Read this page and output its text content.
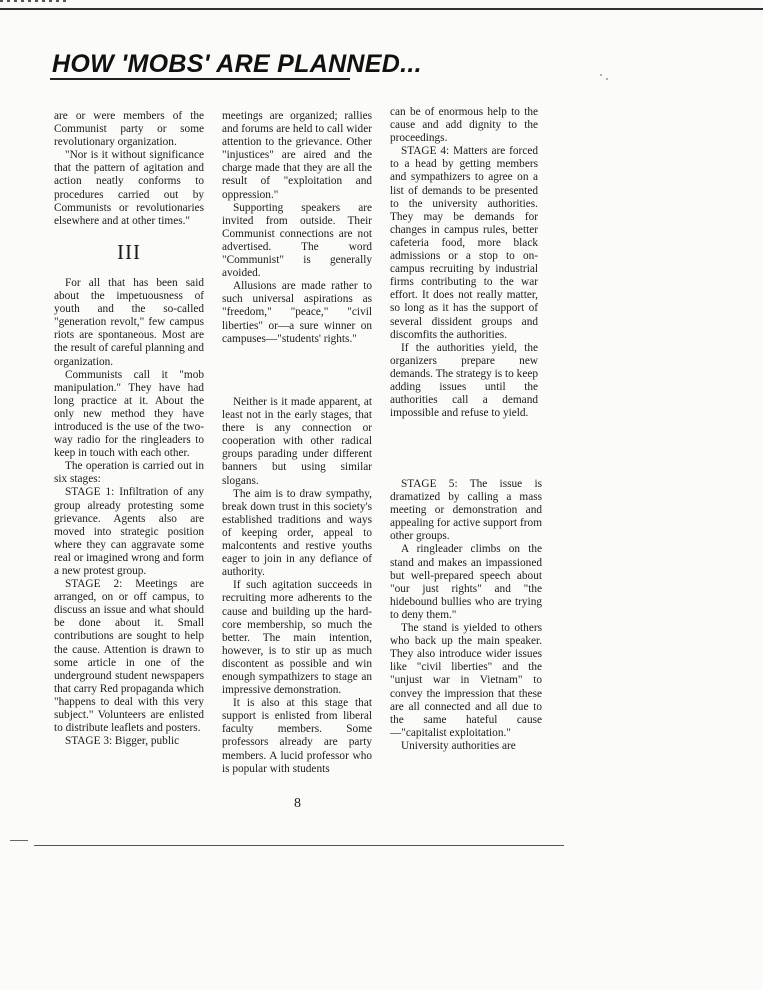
HOW 'MOBS' ARE PLANNED...

are or were members of the Communist party or some revolutionary organization.

"Nor is it without significance that the pattern of agitation and action neatly conforms to procedures carried out by Communists or revolutionaries elsewhere and at other times."

III

For all that has been said about the impetuousness of youth and the so-called "generation revolt," few campus riots are spontaneous. Most are the result of careful planning and organization.

Communists call it "mob manipulation." They have had long practice at it. About the only new method they have introduced is the use of the two-way radio for the ringleaders to keep in touch with each other.

The operation is carried out in six stages:

STAGE 1: Infiltration of any group already protesting some grievance. Agents also are moved into strategic position where they can aggravate some real or imagined wrong and form a new protest group.

STAGE 2: Meetings are arranged, on or off campus, to discuss an issue and what should be done about it. Small contributions are sought to help the cause. Attention is drawn to some article in one of the underground student newspapers that carry Red propaganda which "happens to deal with this very subject." Volunteers are enlisted to distribute leaflets and posters.

STAGE 3: Bigger, public

meetings are organized; rallies and forums are held to call wider attention to the grievance. Other "injustices" are aired and the charge made that they are all the result of "exploitation and oppression."

Supporting speakers are invited from outside. Their Communist connections are not advertised. The word "Communist" is generally avoided.

Allusions are made rather to such universal aspirations as "freedom," "peace," "civil liberties" or—a sure winner on campuses—"students' rights."

Neither is it made apparent, at least not in the early stages, that there is any connection or cooperation with other radical groups parading under different banners but using similar slogans.

The aim is to draw sympathy, break down trust in this society's established traditions and ways of keeping order, appeal to malcontents and restive youths eager to join in any defiance of authority.

If such agitation succeeds in recruiting more adherents to the cause and building up the hard-core membership, so much the better. The main intention, however, is to stir up as much discontent as possible and win enough sympathizers to stage an impressive demonstration.

It is also at this stage that support is enlisted from liberal faculty members. Some professors already are party members. A lucid professor who is popular with students

can be of enormous help to the cause and add dignity to the proceedings.

STAGE 4: Matters are forced to a head by getting members and sympathizers to agree on a list of demands to be presented to the university authorities. They may be demands for changes in campus rules, better cafeteria food, more black admissions or a stop to on-campus recruiting by industrial firms contributing to the war effort. It does not really matter, so long as it has the support of several dissident groups and discomfits the authorities.

If the authorities yield, the organizers prepare new demands. The strategy is to keep adding issues until the authorities call a demand impossible and refuse to yield.

STAGE 5: The issue is dramatized by calling a mass meeting or demonstration and appealing for active support from other groups.

A ringleader climbs on the stand and makes an impassioned but well-prepared speech about "our just rights" and "the hidebound bullies who are trying to deny them."

The stand is yielded to others who back up the main speaker. They also introduce wider issues like "civil liberties" and the "unjust war in Vietnam" to convey the impression that these are all connected and all due to the same hateful cause—"capitalist exploitation."

University authorities are

8
